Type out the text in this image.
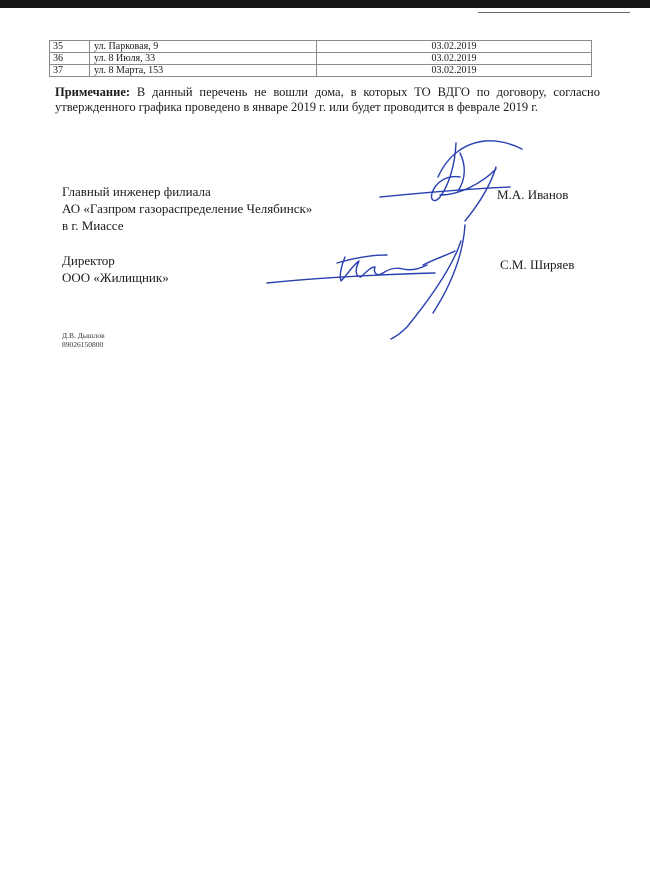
35	ул. Парковая, 9	03.02.2019
36	ул. 8 Июля, 33	03.02.2019
37	ул. 8 Марта, 153	03.02.2019
Примечание: В данный перечень не вошли дома, в которых ТО ВДГО по договору, согласно утвержденного графика проведено в январе 2019 г. или будет проводится в феврале 2019 г.
Главный инженер филиала
АО «Газпром газораспределение Челябинск»
в г. Миассе
М.А. Иванов
Директор
ООО «Жилищник»
С.М. Ширяев
Д.В. Дышлов
89026150800
